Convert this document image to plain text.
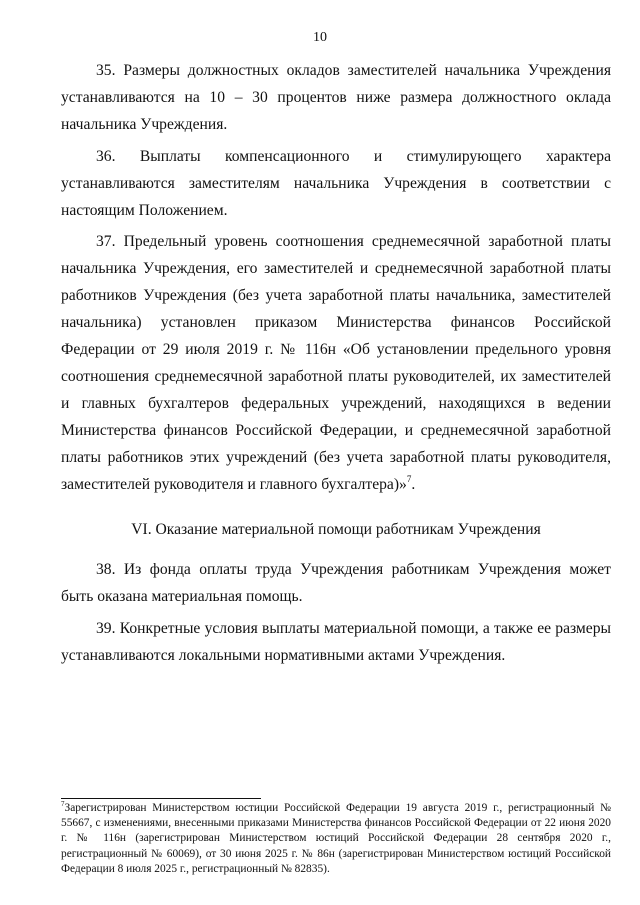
10

35. Размеры должностных окладов заместителей начальника Учреждения устанавливаются на 10 – 30 процентов ниже размера должностного оклада начальника Учреждения.

36. Выплаты компенсационного и стимулирующего характера устанавливаются заместителям начальника Учреждения в соответствии с настоящим Положением.

37. Предельный уровень соотношения среднемесячной заработной платы начальника Учреждения, его заместителей и среднемесячной заработной платы работников Учреждения (без учета заработной платы начальника, заместителей начальника) установлен приказом Министерства финансов Российской Федерации от 29 июля 2019 г. № 116н «Об установлении предельного уровня соотношения среднемесячной заработной платы руководителей, их заместителей и главных бухгалтеров федеральных учреждений, находящихся в ведении Министерства финансов Российской Федерации, и среднемесячной заработной платы работников этих учреждений (без учета заработной платы руководителя, заместителей руководителя и главного бухгалтера)»$^7$.

VI. Оказание материальной помощи работникам Учреждения

38. Из фонда оплаты труда Учреждения работникам Учреждения может быть оказана материальная помощь.

39. Конкретные условия выплаты материальной помощи, а также ее размеры устанавливаются локальными нормативными актами Учреждения.

$^7$Зарегистрирован Министерством юстиции Российской Федерации 19 августа 2019 г., регистрационный № 55667, с изменениями, внесенными приказами Министерства финансов Российской Федерации от 22 июня 2020 г. № 116н (зарегистрирован Министерством юстиций Российской Федерации 28 сентября 2020 г., регистрационный № 60069), от 30 июня 2025 г. № 86н (зарегистрирован Министерством юстиций Российской Федерации 8 июля 2025 г., регистрационный № 82835).
